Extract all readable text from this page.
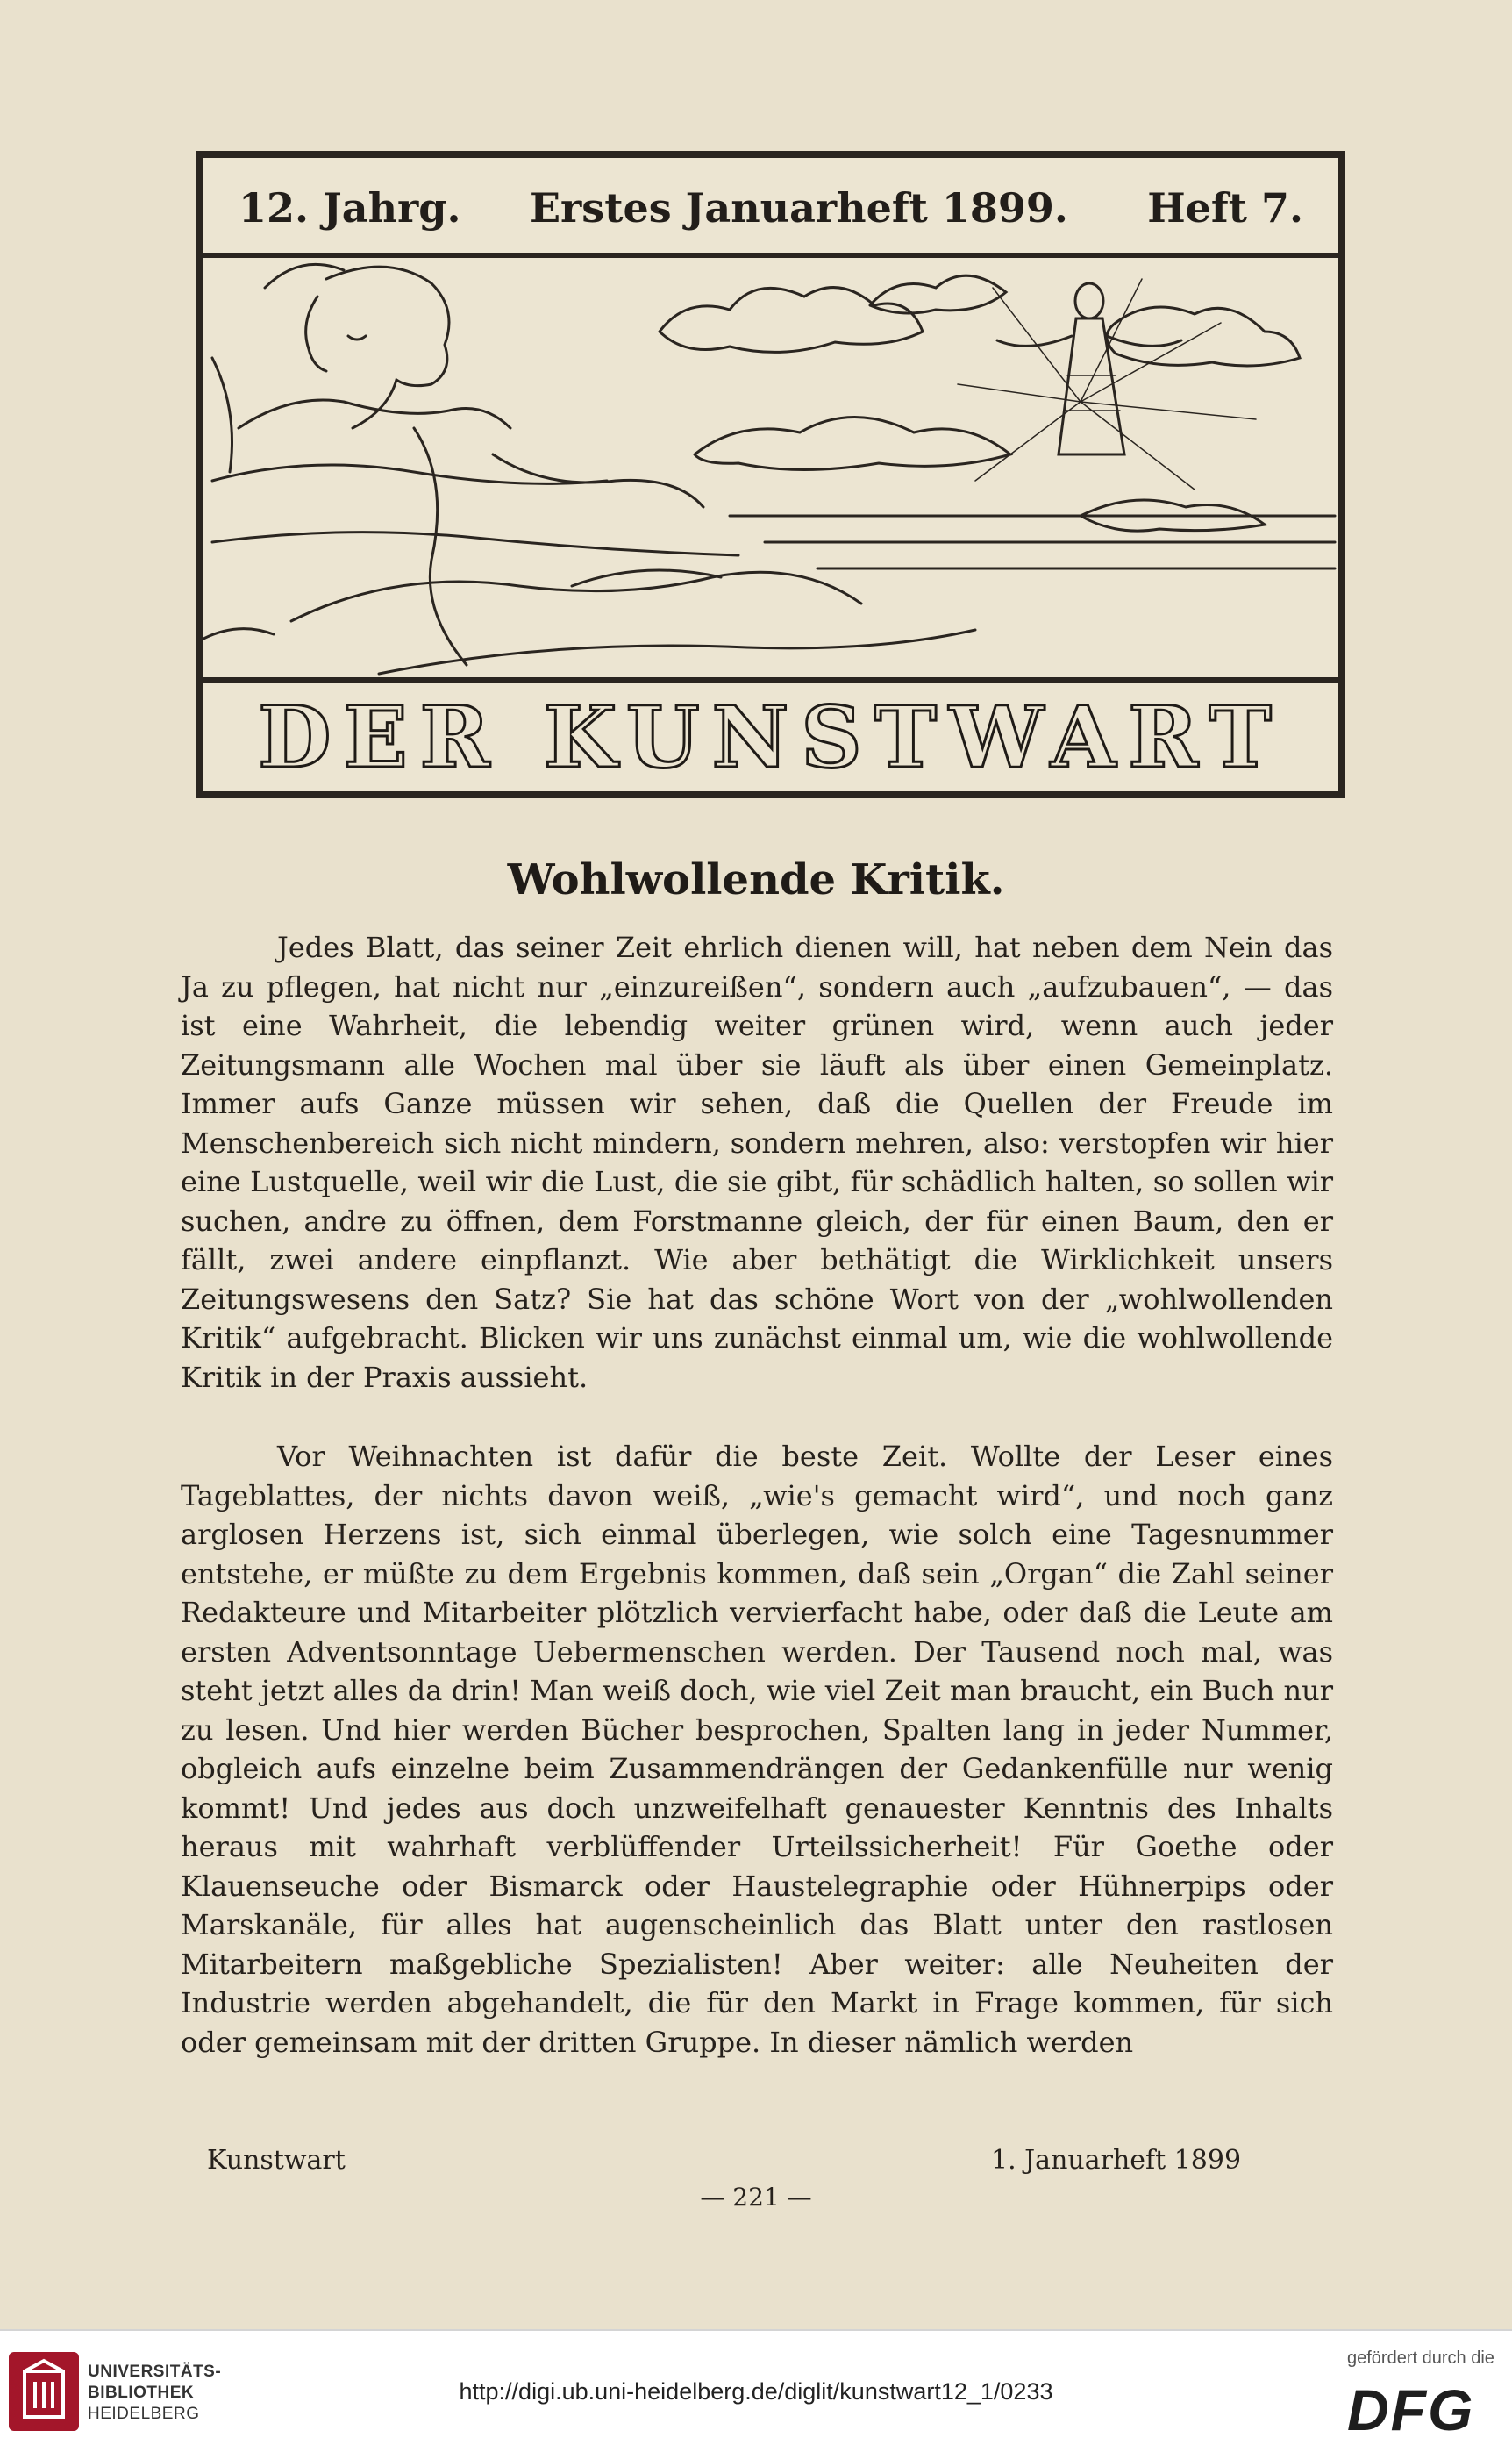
12. Jahrg. Erstes Januarheft 1899. Heft 7.
DER KUNSTWART
Wohlwollende Kritik.

Jedes Blatt, das seiner Zeit ehrlich dienen will, hat neben dem Nein das Ja zu pflegen, hat nicht nur „einzureißen“, sondern auch „aufzubauen“, — das ist eine Wahrheit, die lebendig weiter grünen wird, wenn auch jeder Zeitungsmann alle Wochen mal über sie läuft als über einen Gemeinplatz. Immer aufs Ganze müssen wir sehen, daß die Quellen der Freude im Menschenbereich sich nicht mindern, sondern mehren, also: verstopfen wir hier eine Lustquelle, weil wir die Lust, die sie gibt, für schädlich halten, so sollen wir suchen, andre zu öffnen, dem Forstmanne gleich, der für einen Baum, den er fällt, zwei andere einpflanzt. Wie aber bethätigt die Wirklichkeit unsers Zeitungswesens den Satz? Sie hat das schöne Wort von der „wohlwollenden Kritik“ aufgebracht. Blicken wir uns zunächst einmal um, wie die wohlwollende Kritik in der Praxis aussieht.

Vor Weihnachten ist dafür die beste Zeit. Wollte der Leser eines Tageblattes, der nichts davon weiß, „wie's gemacht wird“, und noch ganz arglosen Herzens ist, sich einmal überlegen, wie solch eine Tagesnummer entstehe, er müßte zu dem Ergebnis kommen, daß sein „Organ“ die Zahl seiner Redakteure und Mitarbeiter plötzlich vervierfacht habe, oder daß die Leute am ersten Adventsonntage Uebermenschen werden. Der Tausend noch mal, was steht jetzt alles da drin! Man weiß doch, wie viel Zeit man braucht, ein Buch nur zu lesen. Und hier werden Bücher besprochen, Spalten lang in jeder Nummer, obgleich aufs einzelne beim Zusammendrängen der Gedankenfülle nur wenig kommt! Und jedes aus doch unzweifelhaft genauester Kenntnis des Inhalts heraus mit wahrhaft verblüffender Urteilssicherheit! Für Goethe oder Klauenseuche oder Bismarck oder Haustelegraphie oder Hühnerpips oder Marskanäle, für alles hat augenscheinlich das Blatt unter den rastlosen Mitarbeitern maßgebliche Spezialisten! Aber weiter: alle Neuheiten der Industrie werden abgehandelt, die für den Markt in Frage kommen, für sich oder gemeinsam mit der dritten Gruppe. In dieser nämlich werden

Kunstwart	1. Januarheft 1899
— 221 —
UNIVERSITÄTS-
BIBLIOTHEK
HEIDELBERG
http://digi.ub.uni-heidelberg.de/diglit/kunstwart12_1/0233
gefördert durch die
DFG
